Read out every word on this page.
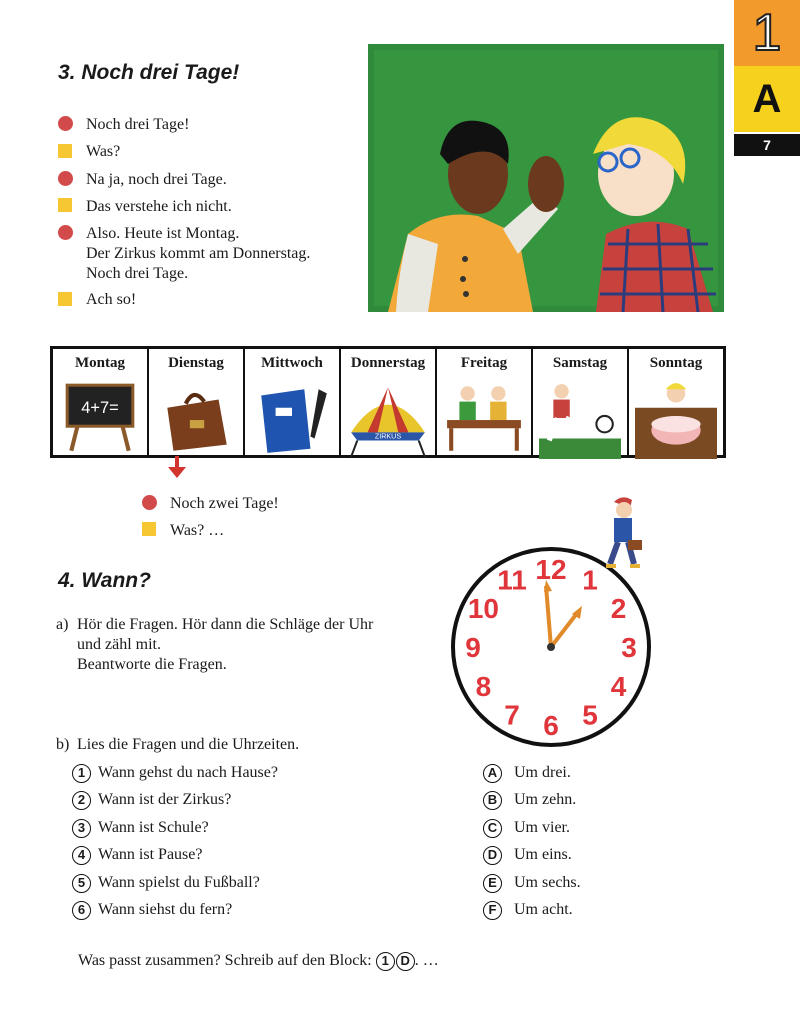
1
A
7
3. Noch drei Tage!
Noch drei Tage!
Was?
Na ja, noch drei Tage.
Das verstehe ich nicht.
Also. Heute ist Montag.
Der Zirkus kommt am Donnerstag.
Noch drei Tage.
Ach so!
Montag
4+7=
Dienstag	Mittwoch	Donnerstag
ZIRKUS
Freitag	Samstag	Sonntag
Noch zwei Tage!
Was? …
4. Wann?
a) Hör die Fragen. Hör dann die Schläge der Uhr
und zähl mit.
Beantworte die Fragen.
12 1
2
3
4
5
6
7
8
9
10
11
b) Lies die Fragen und die Uhrzeiten.
1 Wann gehst du nach Hause?
2 Wann ist der Zirkus?
3 Wann ist Schule?
4 Wann ist Pause?
5 Wann spielst du Fußball?
6 Wann siehst du fern?
A Um drei.
B Um zehn.
C Um vier.
D Um eins.
E Um sechs.
F Um acht.
Was passt zusammen? Schreib auf den Block: 1 D . …
